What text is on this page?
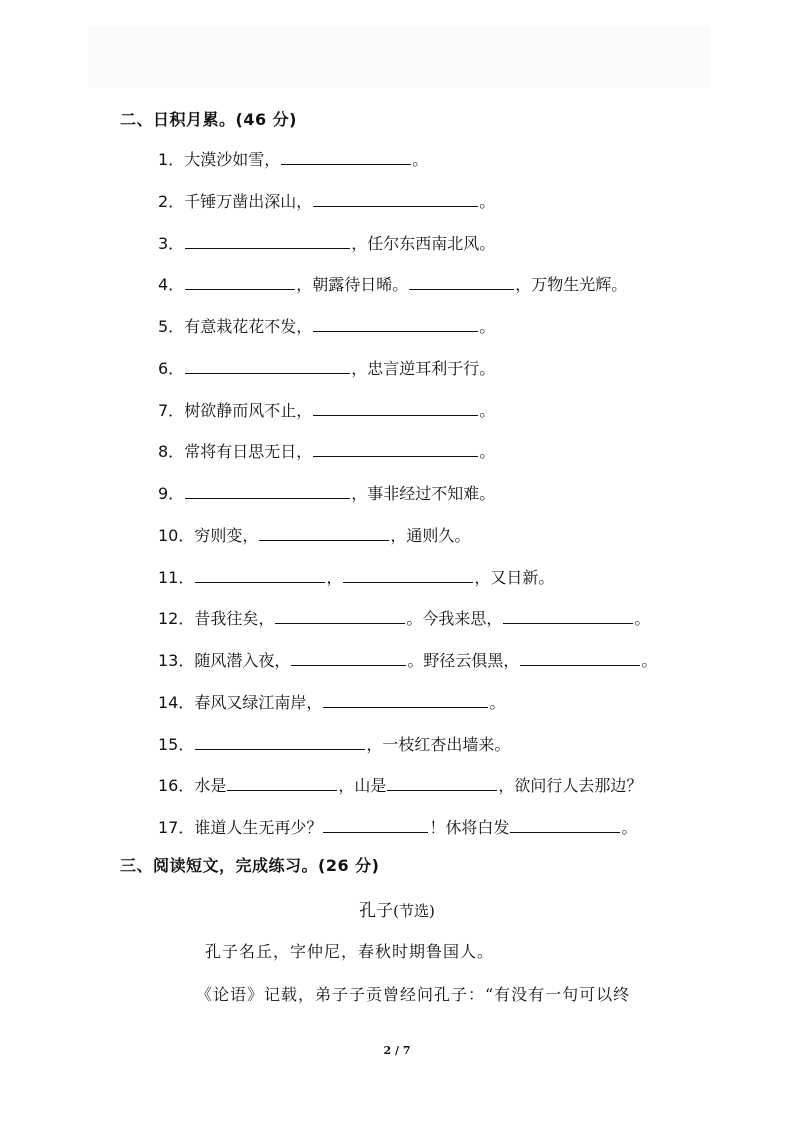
二、日积月累。(46 分)
1．大漠沙如雪，	。
2．千锤万凿出深山，	。
3．	，任尔东西南北风。
4．	，朝露待日晞。	，万物生光辉。
5．有意栽花花不发，	。
6．	，忠言逆耳利于行。
7．树欲静而风不止，	。
8．常将有日思无日，	。
9．	，事非经过不知难。
10．穷则变，	，通则久。
11．	，	，又日新。
12．昔我往矣，	。今我来思，	。
13．随风潜入夜，	。野径云俱黑，	。
14．春风又绿江南岸，	。
15．	，一枝红杏出墙来。
16．水是	，山是	，欲问行人去那边？
17．谁道人生无再少？	！休将白发	。
三、阅读短文，完成练习。(26 分)
孔子(节选)
孔子名丘，字仲尼，春秋时期鲁国人。
《论语》记载，弟子子贡曾经问孔子：“有没有一句可以终
2 / 7
